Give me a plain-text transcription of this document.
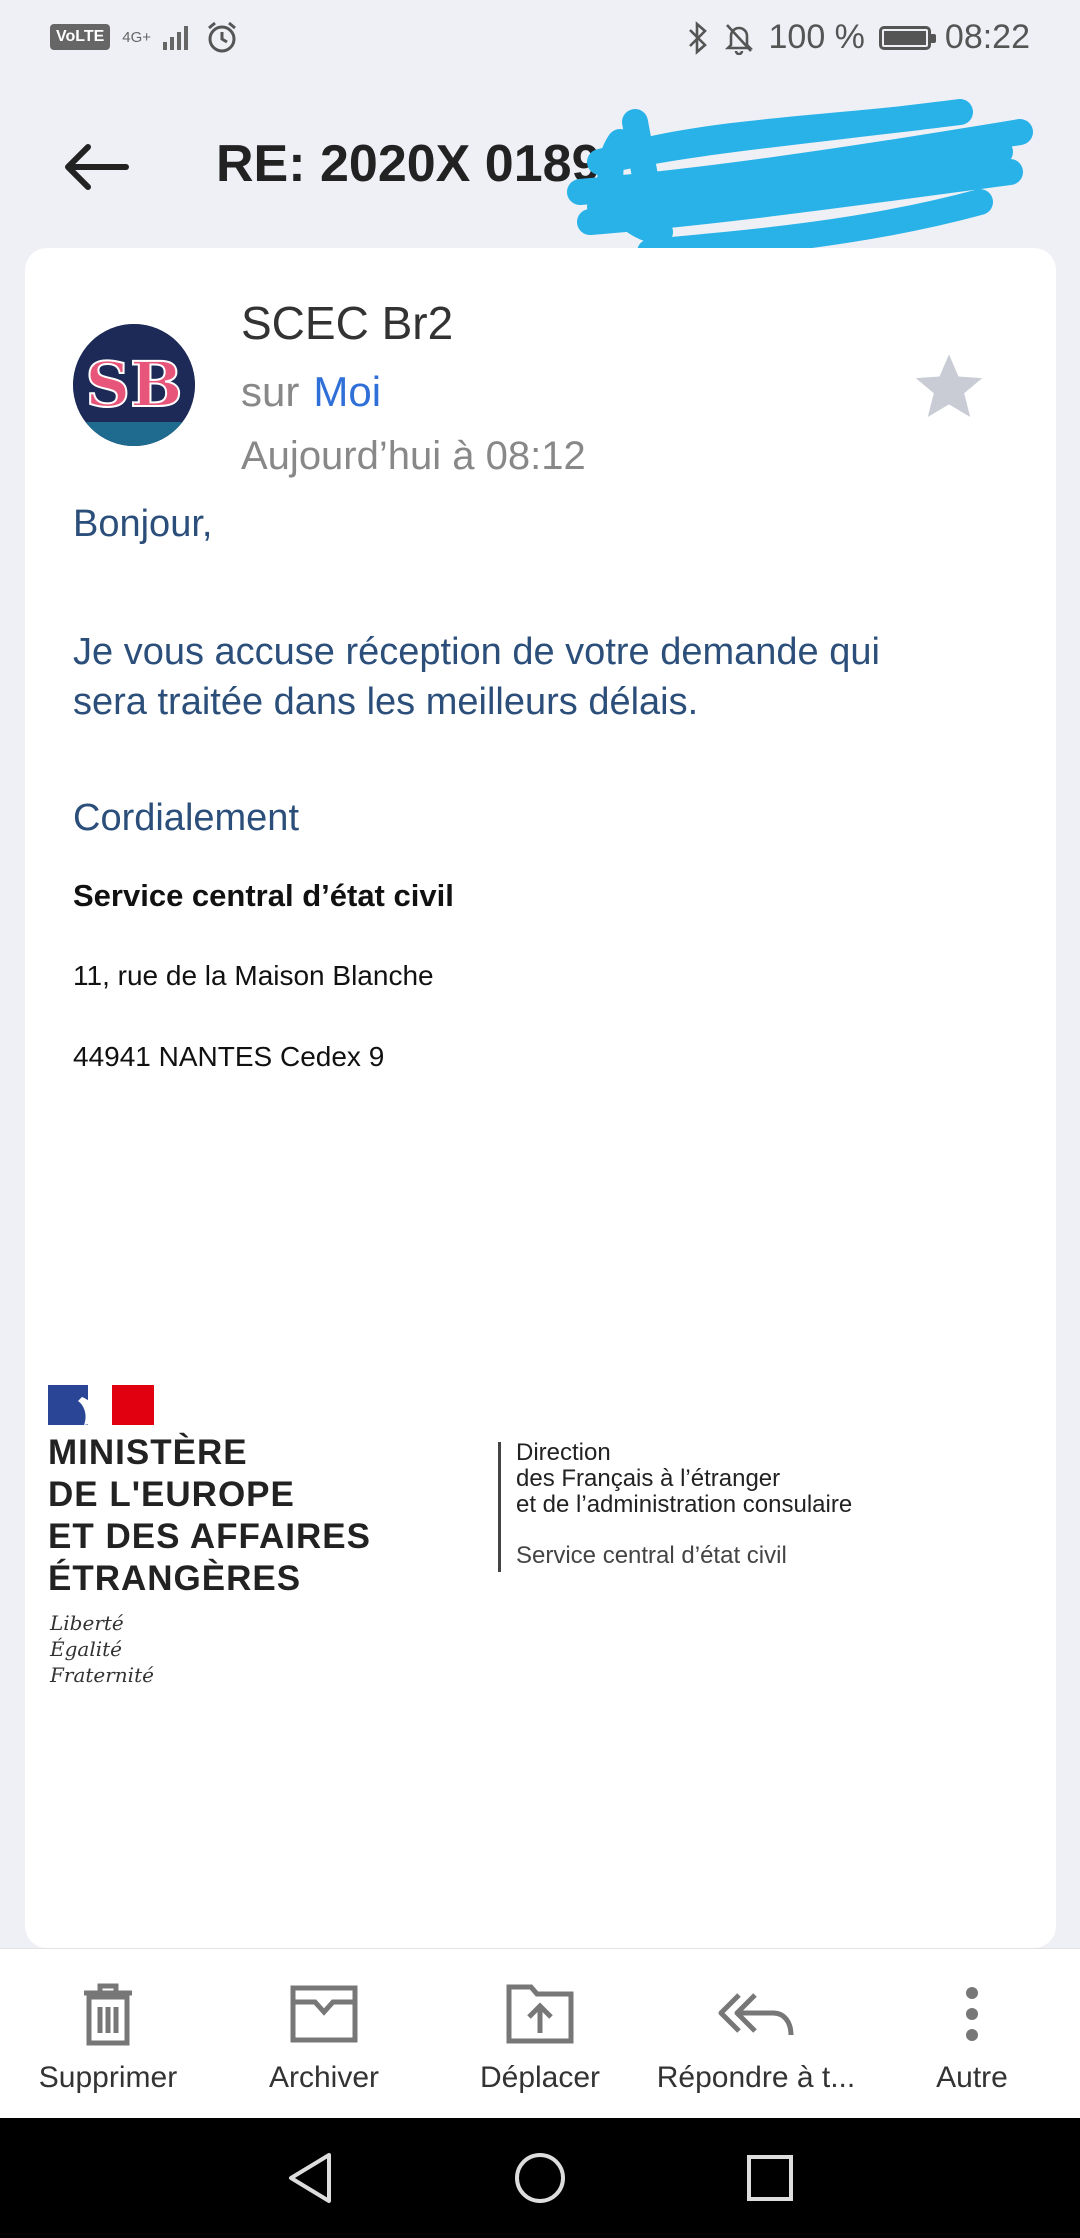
VoLTE	4G+	100 % 08:22
RE: 2020X 0189
SB
SCEC Br2
sur Moi
Aujourd’hui à 08:12
Bonjour,
Je vous accuse réception de votre demande qui
sera traitée dans les meilleurs délais.
Cordialement
Service central d’état civil
11, rue de la Maison Blanche
44941 NANTES Cedex 9
MINISTÈRE
DE L'EUROPE
ET DES AFFAIRES
ÉTRANGÈRES
Liberté
Égalité
Fraternité
Direction
des Français à l’étranger
et de l’administration consulaire
Service central d’état civil
Supprimer	Archiver	Déplacer	Répondre à t...	Autre
